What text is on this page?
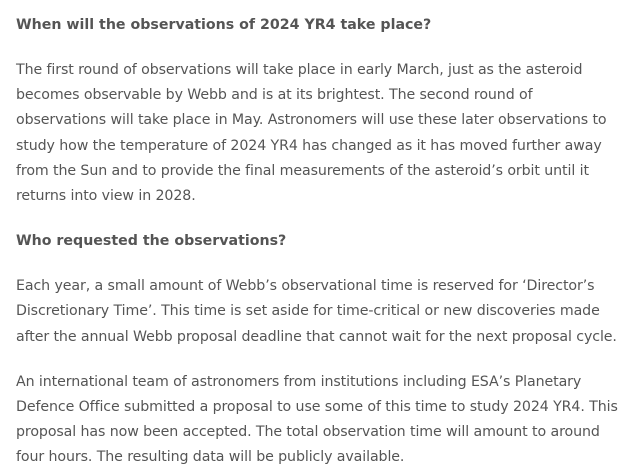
When will the observations of 2024 YR4 take place?

The first round of observations will take place in early March, just as the asteroid becomes observable by Webb and is at its brightest. The second round of observations will take place in May. Astronomers will use these later observations to study how the temperature of 2024 YR4 has changed as it has moved further away from the Sun and to provide the final measurements of the asteroid’s orbit until it returns into view in 2028.

Who requested the observations?

Each year, a small amount of Webb’s observational time is reserved for ‘Director’s Discretionary Time’. This time is set aside for time-critical or new discoveries made after the annual Webb proposal deadline that cannot wait for the next proposal cycle.

An international team of astronomers from institutions including ESA’s Planetary Defence Office submitted a proposal to use some of this time to study 2024 YR4. This proposal has now been accepted. The total observation time will amount to around four hours. The resulting data will be publicly available.
